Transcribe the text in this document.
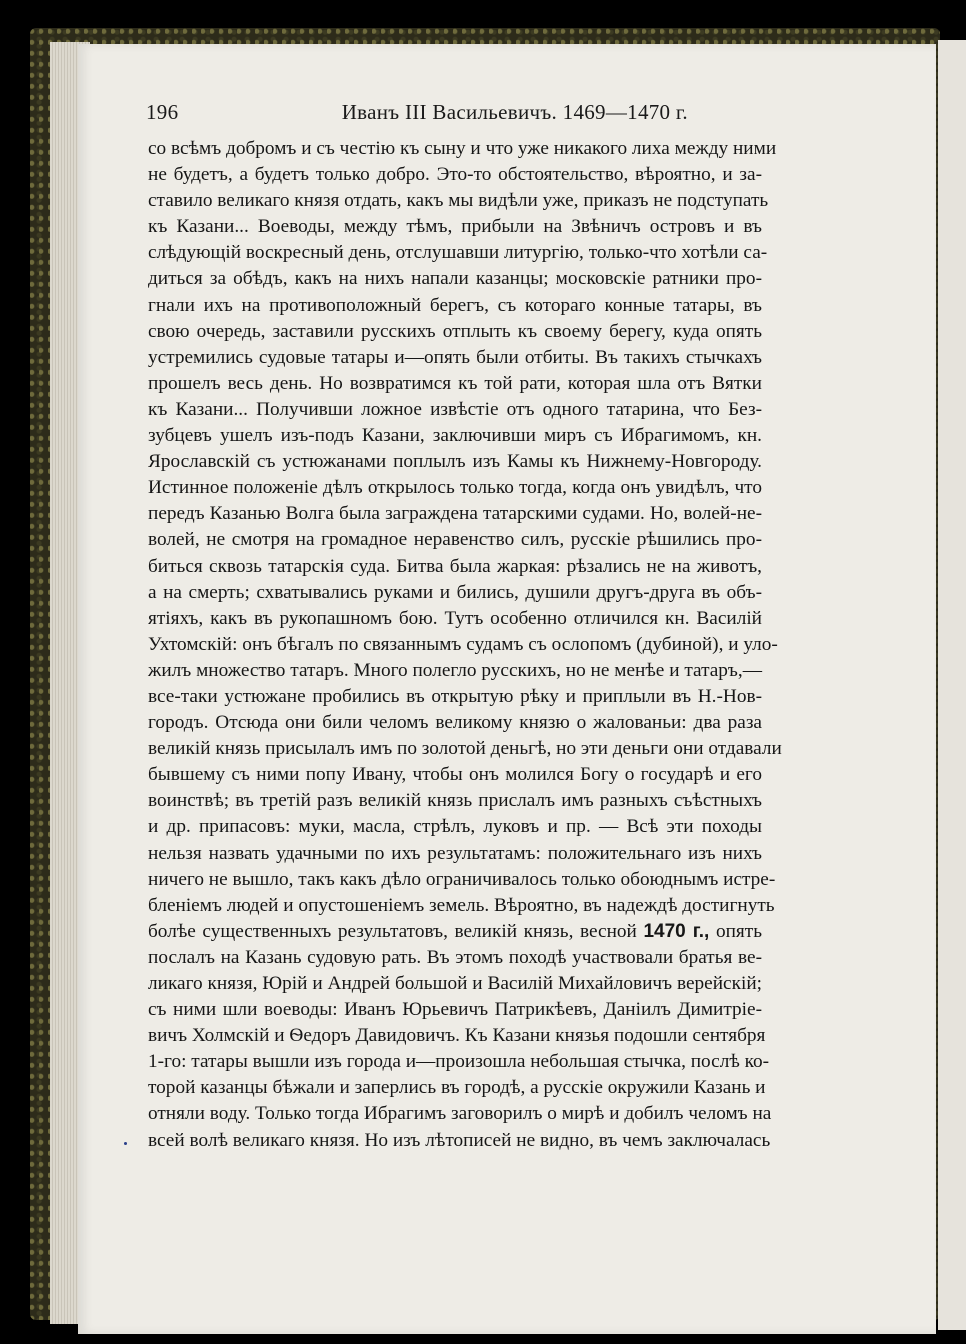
196	Иванъ III Васильевичъ. 1469—1470 г.
со всѣмъ добромъ и съ честію къ сыну и что уже никакого лиха между ними
не будетъ, а будетъ только добро. Это-то обстоятельство, вѣроятно, и за-
ставило великаго князя отдать, какъ мы видѣли уже, приказъ не подступать
къ Казани... Воеводы, между тѣмъ, прибыли на Звѣничъ островъ и въ
слѣдующій воскресный день, отслушавши литургію, только-что хотѣли са-
диться за обѣдъ, какъ на нихъ напали казанцы; московскіе ратники про-
гнали ихъ на противоположный берегъ, съ котораго конные татары, въ
свою очередь, заставили русскихъ отплыть къ своему берегу, куда опять
устремились судовые татары и—опять были отбиты. Въ такихъ стычкахъ
прошелъ весь день. Но возвратимся къ той рати, которая шла отъ Вятки
къ Казани... Получивши ложное извѣстіе отъ одного татарина, что Без-
зубцевъ ушелъ изъ-подъ Казани, заключивши миръ съ Ибрагимомъ, кн.
Ярославскій съ устюжанами поплылъ изъ Камы къ Нижнему-Новгороду.
Истинное положеніе дѣлъ открылось только тогда, когда онъ увидѣлъ, что
передъ Казанью Волга была заграждена татарскими судами. Но, волей-не-
волей, не смотря на громадное неравенство силъ, русскіе рѣшились про-
биться сквозь татарскія суда. Битва была жаркая: рѣзались не на животъ,
а на смерть; схватывались руками и бились, душили другъ-друга въ объ-
ятіяхъ, какъ въ рукопашномъ бою. Тутъ особенно отличился кн. Василій
Ухтомскій: онъ бѣгалъ по связаннымъ судамъ съ ослопомъ (дубиной), и уло-
жилъ множество татаръ. Много полегло русскихъ, но не менѣе и татаръ,—
все-таки устюжане пробились въ открытую рѣку и приплыли въ Н.-Нов-
городъ. Отсюда они били челомъ великому князю о жалованьи: два раза
великій князь присылалъ имъ по золотой деньгѣ, но эти деньги они отдавали
бывшему съ ними попу Ивану, чтобы онъ молился Богу о государѣ и его
воинствѣ; въ третій разъ великій князь прислалъ имъ разныхъ съѣстныхъ
и др. припасовъ: муки, масла, стрѣлъ, луковъ и пр. — Всѣ эти походы
нельзя назвать удачными по ихъ результатамъ: положительнаго изъ нихъ
ничего не вышло, такъ какъ дѣло ограничивалось только обоюднымъ истре-
бленіемъ людей и опустошеніемъ земель. Вѣроятно, въ надеждѣ достигнуть
болѣе существенныхъ результатовъ, великій князь, весной 1470 г., опять
послалъ на Казань судовую рать. Въ этомъ походѣ участвовали братья ве-
ликаго князя, Юрій и Андрей большой и Василій Михайловичъ верейскій;
съ ними шли воеводы: Иванъ Юрьевичъ Патрикѣевъ, Даніилъ Димитріе-
вичъ Холмскій и Ѳедоръ Давидовичъ. Къ Казани князья подошли сентября
1-го: татары вышли изъ города и—произошла небольшая стычка, послѣ ко-
торой казанцы бѣжали и заперлись въ городѣ, а русскіе окружили Казань и
отняли воду. Только тогда Ибрагимъ заговорилъ о мирѣ и добилъ челомъ на
всей волѣ великаго князя. Но изъ лѣтописей не видно, въ чемъ заключалась
